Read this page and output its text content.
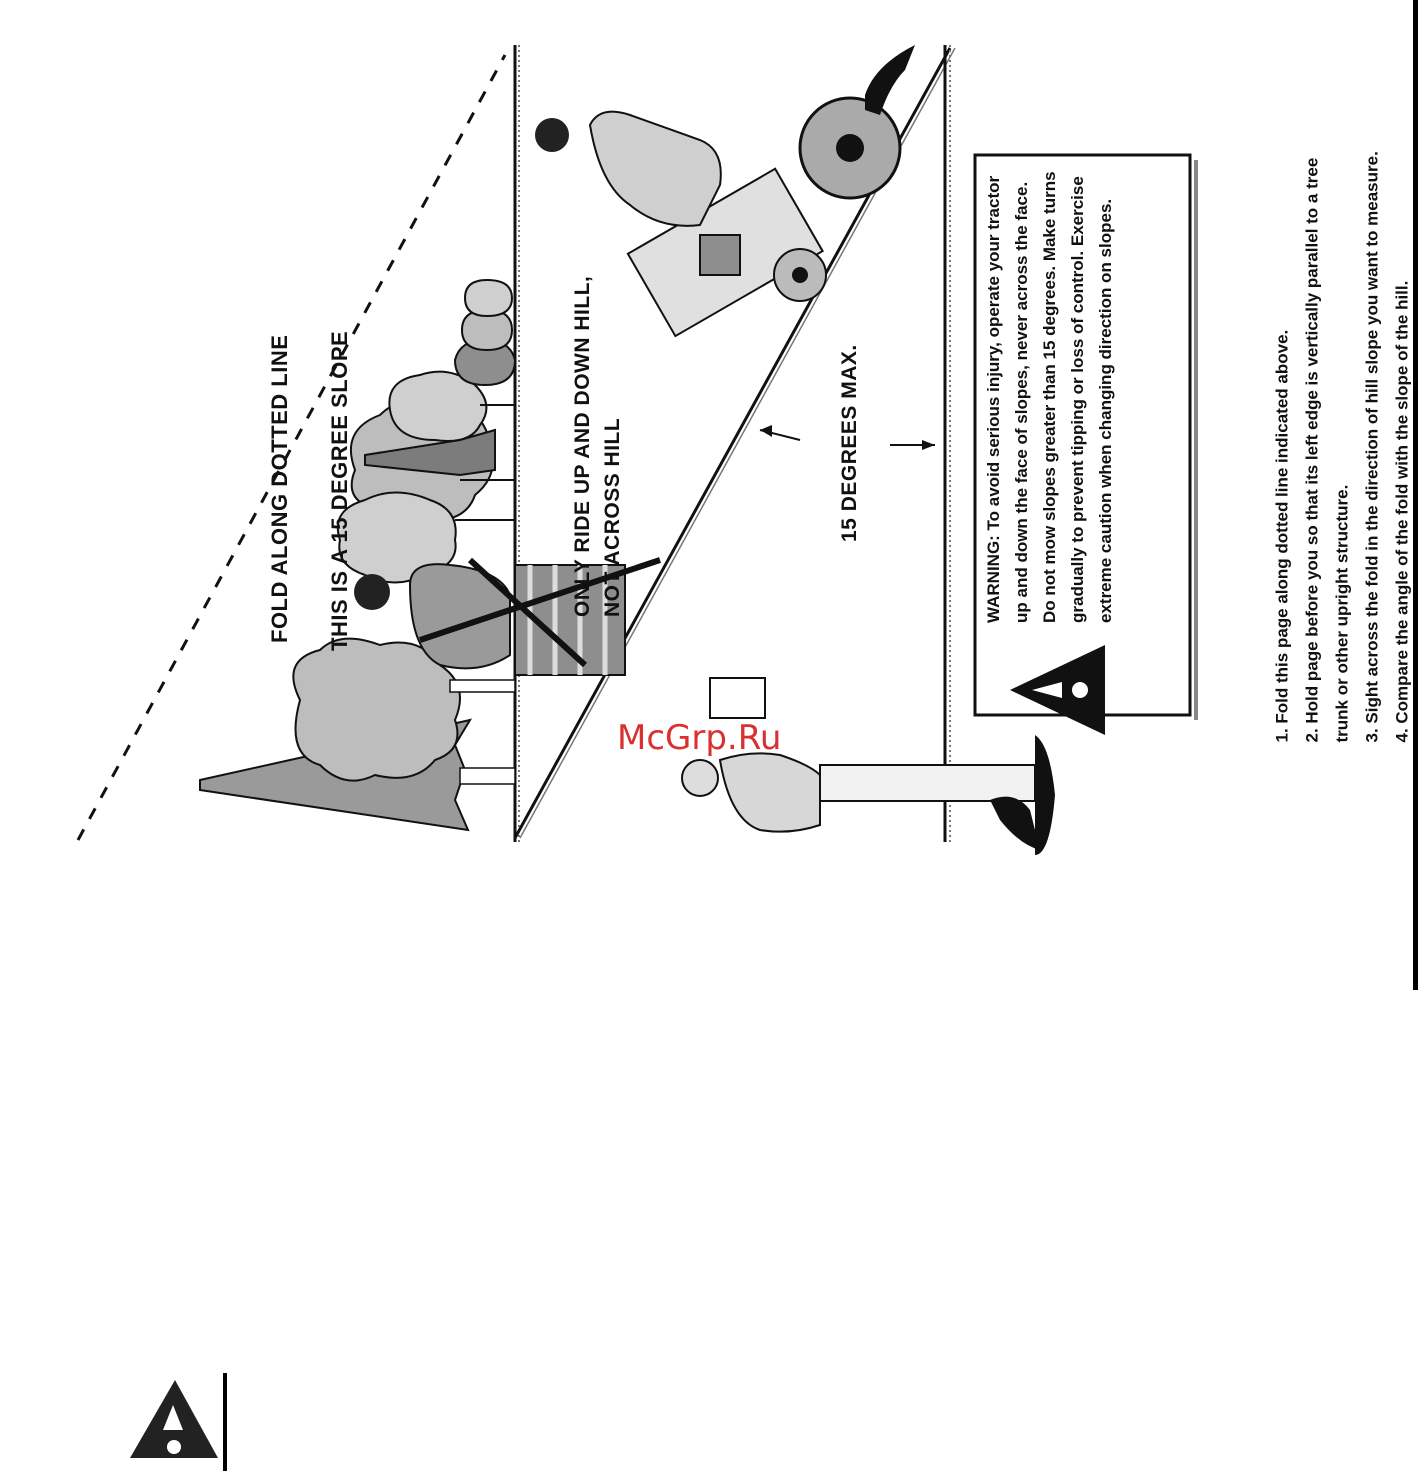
FOLD ALONG DOTTED LINE THIS IS A 15 DEGREE SLOPE	ONLY RIDE UP AND DOWN HILL, NOT ACROSS HILL	15 DEGREES MAX.	WARNING: To avoid serious injury, operate your tractor up and down the face of slopes, never across the face. Do not mow slopes greater than 15 degrees. Make turns gradually to prevent tipping or loss of control. Exercise extreme caution when changing direction on slopes.	1. Fold this page along dotted line indicated above. 2. Hold page before you so that its left edge is vertically parallel to a tree trunk or other upright structure. 3. Sight across the fold in the direction of hill slope you want to measure. 4. Compare the angle of the fold with the slope of the hill.

McGrp.Ru
